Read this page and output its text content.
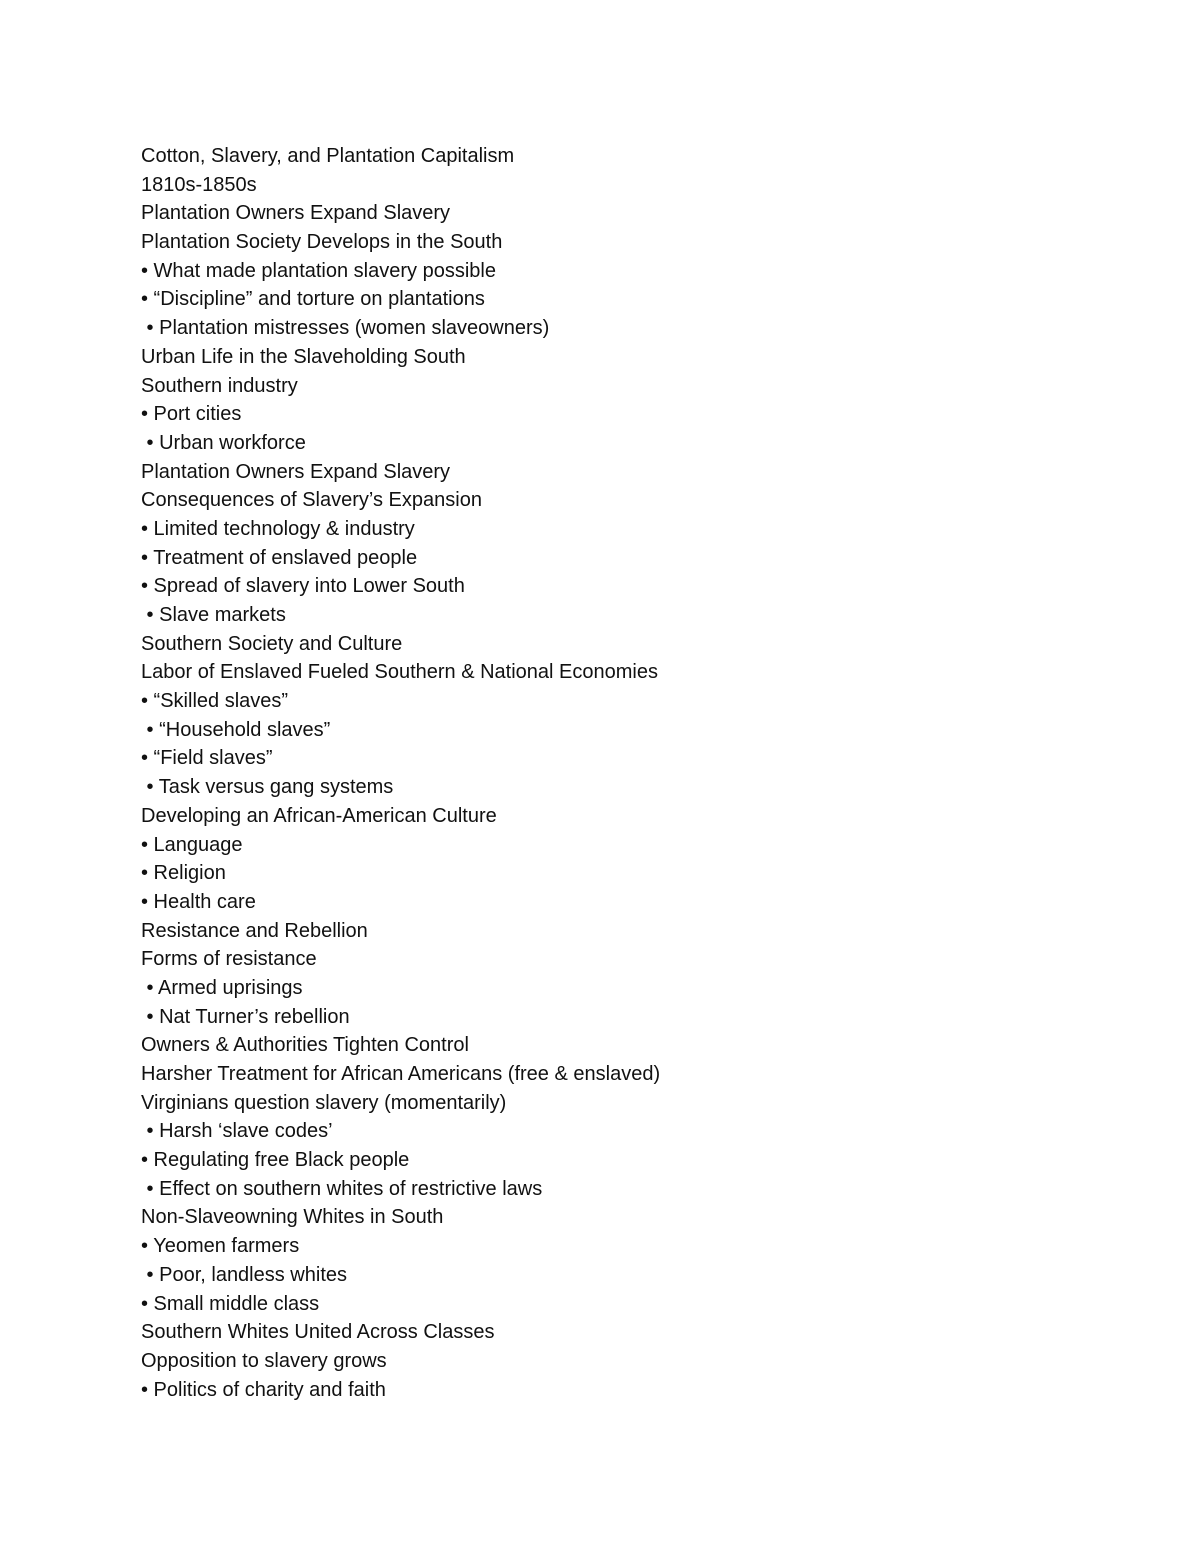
Cotton, Slavery, and Plantation Capitalism
1810s-1850s
Plantation Owners Expand Slavery
Plantation Society Develops in the South
• What made plantation slavery possible
• “Discipline” and torture on plantations
• Plantation mistresses (women slaveowners)
Urban Life in the Slaveholding South
Southern industry
• Port cities
• Urban workforce
Plantation Owners Expand Slavery
Consequences of Slavery’s Expansion
• Limited technology & industry
• Treatment of enslaved people
• Spread of slavery into Lower South
• Slave markets
Southern Society and Culture
Labor of Enslaved Fueled Southern & National Economies
• “Skilled slaves”
• “Household slaves”
• “Field slaves”
• Task versus gang systems
Developing an African-American Culture
• Language
• Religion
• Health care
Resistance and Rebellion
Forms of resistance
• Armed uprisings
• Nat Turner’s rebellion
Owners & Authorities Tighten Control
Harsher Treatment for African Americans (free & enslaved)
Virginians question slavery (momentarily)
• Harsh ‘slave codes’
• Regulating free Black people
• Effect on southern whites of restrictive laws
Non-Slaveowning Whites in South
• Yeomen farmers
• Poor, landless whites
• Small middle class
Southern Whites United Across Classes
Opposition to slavery grows
• Politics of charity and faith
